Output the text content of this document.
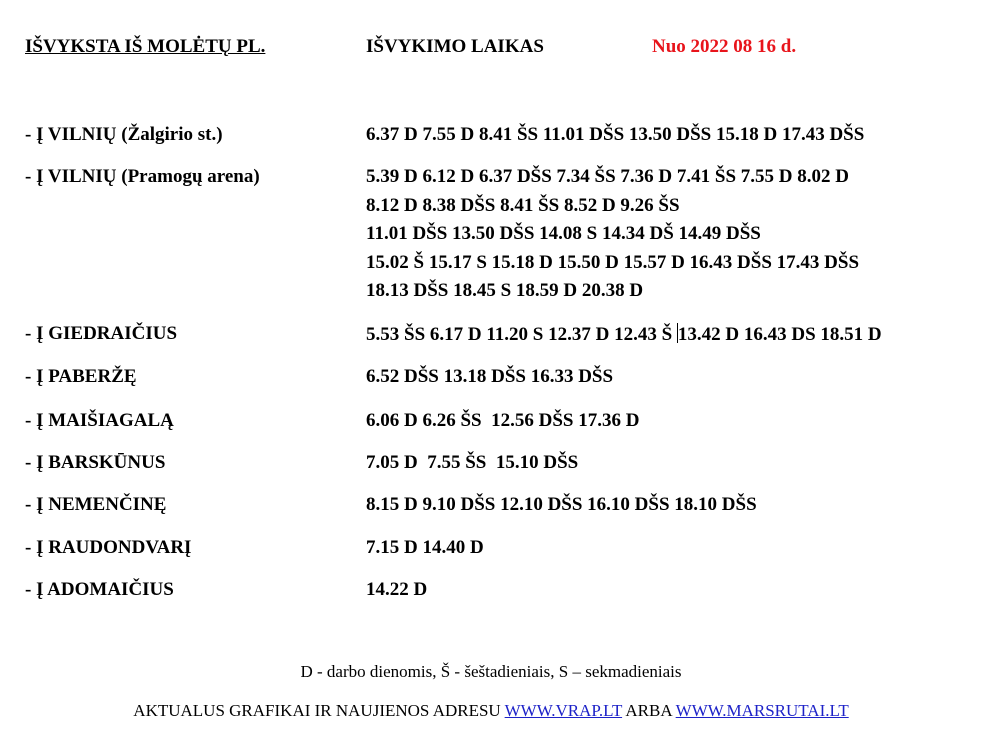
IŠVYKSTA IŠ MOLĖTŲ PL.	IŠVYKIMO LAIKAS	Nuo 2022 08 16 d.
- Į VILNIŲ (Žalgirio st.)	6.37 D 7.55 D 8.41 ŠS 11.01 DŠS 13.50 DŠS 15.18 D 17.43 DŠS
- Į VILNIŲ (Pramogų arena)	5.39 D 6.12 D 6.37 DŠS 7.34 ŠS 7.36 D 7.41 ŠS 7.55 D 8.02 D
8.12 D 8.38 DŠS 8.41 ŠS 8.52 D 9.26 ŠS
11.01 DŠS 13.50 DŠS 14.08 S 14.34 DŠ 14.49 DŠS
15.02 Š 15.17 S 15.18 D 15.50 D 15.57 D 16.43 DŠS 17.43 DŠS
18.13 DŠS 18.45 S 18.59 D 20.38 D
- Į GIEDRAIČIUS	5.53 ŠS 6.17 D 11.20 S 12.37 D 12.43 Š 13.42 D 16.43 DS 18.51 D
- Į PABERŽĘ	6.52 DŠS 13.18 DŠS 16.33 DŠS
- Į MAIŠIAGALĄ	6.06 D 6.26 ŠS  12.56 DŠS 17.36 D
- Į BARSKŪNUS	7.05 D  7.55 ŠS  15.10 DŠS
- Į NEMENČINĘ	8.15 D 9.10 DŠS 12.10 DŠS 16.10 DŠS 18.10 DŠS
- Į RAUDONDVARĮ	7.15 D 14.40 D
- Į ADOMAIČIUS	14.22 D
D - darbo dienomis, Š - šeštadieniais, S – sekmadieniais
AKTUALUS GRAFIKAI IR NAUJIENOS ADRESU WWW.VRAP.LT ARBA WWW.MARSRUTAI.LT
